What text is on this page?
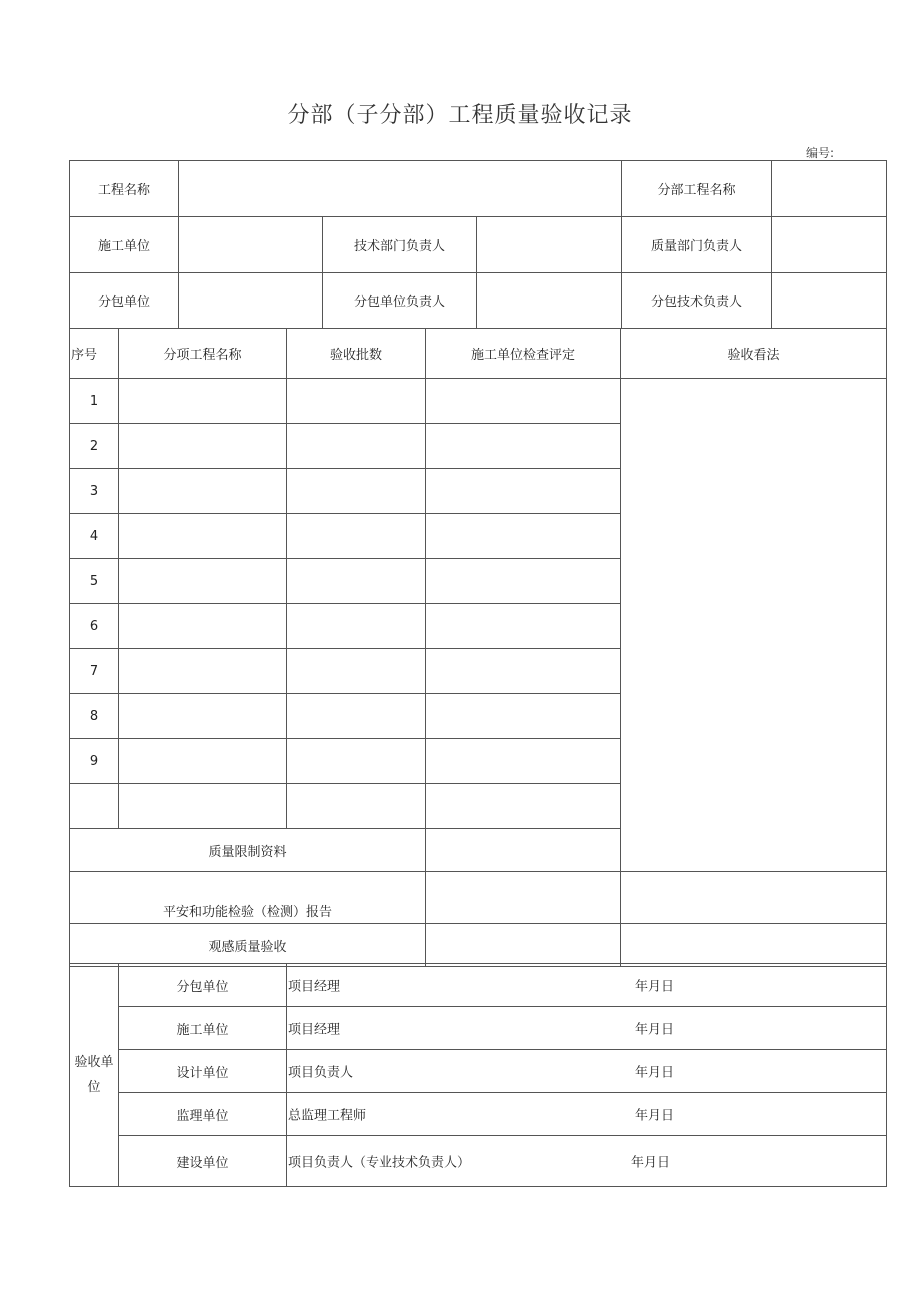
分部（子分部）工程质量验收记录
编号:
工程名称				分部工程名称	
施工单位		技术部门负责人		质量部门负责人	
分包单位		分包单位负责人		分包技术负责人	
序号	分项工程名称	验收批数	施工单位检查评定	验收看法
1				
2				
3				
4				
5				
6				
7				
8				
9				

质量限制资料				
平安和功能检验（检测）报告				
观感质量验收				
验收单
位	分包单位	项目经理 年月日

	施工单位	项目经理 年月日

	设计单位	项目负责人 年月日

	监理单位	总监理工程师 年月日

	建设单位	项目负责人（专业技术负责人） 年月日
